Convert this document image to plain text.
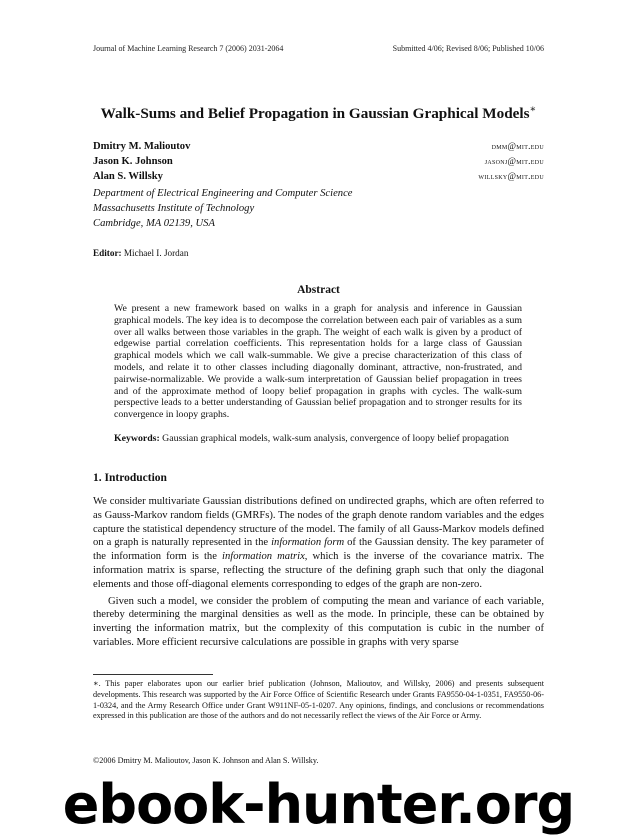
Journal of Machine Learning Research 7 (2006) 2031-2064	Submitted 4/06; Revised 8/06; Published 10/06
Walk-Sums and Belief Propagation in Gaussian Graphical Models∗
Dmitry M. Malioutov	dmm@mit.edu
Jason K. Johnson	jasonj@mit.edu
Alan S. Willsky	willsky@mit.edu
Department of Electrical Engineering and Computer Science
Massachusetts Institute of Technology
Cambridge, MA 02139, USA
Editor: Michael I. Jordan
Abstract
We present a new framework based on walks in a graph for analysis and inference in Gaussian graphical models. The key idea is to decompose the correlation between each pair of variables as a sum over all walks between those variables in the graph. The weight of each walk is given by a product of edgewise partial correlation coefficients. This representation holds for a large class of Gaussian graphical models which we call walk-summable. We give a precise characterization of this class of models, and relate it to other classes including diagonally dominant, attractive, non-frustrated, and pairwise-normalizable. We provide a walk-sum interpretation of Gaussian belief propagation in trees and of the approximate method of loopy belief propagation in graphs with cycles. The walk-sum perspective leads to a better understanding of Gaussian belief propagation and to stronger results for its convergence in loopy graphs.
Keywords: Gaussian graphical models, walk-sum analysis, convergence of loopy belief propagation
1. Introduction

We consider multivariate Gaussian distributions defined on undirected graphs, which are often referred to as Gauss-Markov random fields (GMRFs). The nodes of the graph denote random variables and the edges capture the statistical dependency structure of the model. The family of all Gauss-Markov models defined on a graph is naturally represented in the information form of the Gaussian density. The key parameter of the information form is the information matrix, which is the inverse of the covariance matrix. The information matrix is sparse, reflecting the structure of the defining graph such that only the diagonal elements and those off-diagonal elements corresponding to edges of the graph are non-zero.

Given such a model, we consider the problem of computing the mean and variance of each variable, thereby determining the marginal densities as well as the mode. In principle, these can be obtained by inverting the information matrix, but the complexity of this computation is cubic in the number of variables. More efficient recursive calculations are possible in graphs with very sparse

∗. This paper elaborates upon our earlier brief publication (Johnson, Malioutov, and Willsky, 2006) and presents subsequent developments. This research was supported by the Air Force Office of Scientific Research under Grants FA9550-04-1-0351, FA9550-06-1-0324, and the Army Research Office under Grant W911NF-05-1-0207. Any opinions, findings, and conclusions or recommendations expressed in this publication are those of the authors and do not necessarily reflect the views of the Air Force or Army.
©2006 Dmitry M. Malioutov, Jason K. Johnson and Alan S. Willsky.
ebook-hunter.org
